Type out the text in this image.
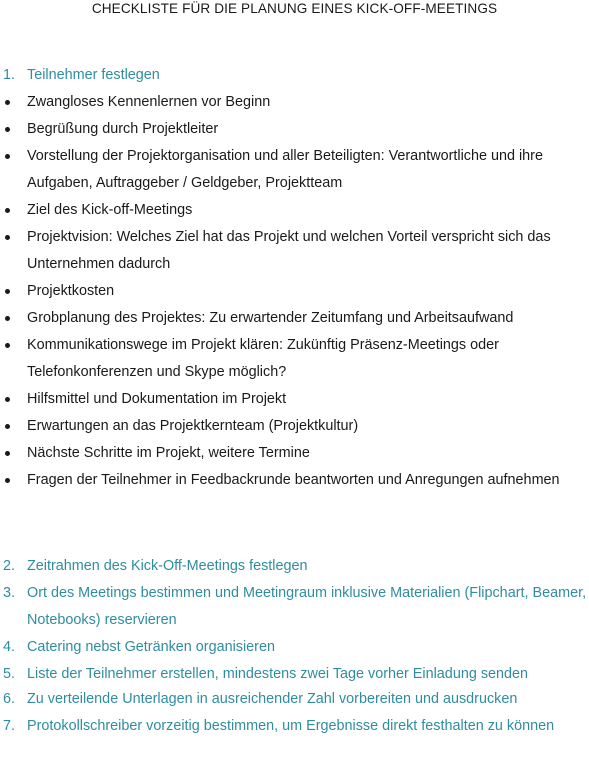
CHECKLISTE FÜR DIE PLANUNG EINES KICK-OFF-MEETINGS
1. Teilnehmer festlegen
Zwangloses Kennenlernen vor Beginn
Begrüßung durch Projektleiter
Vorstellung der Projektorganisation und aller Beteiligten: Verantwortliche und ihre Aufgaben, Auftraggeber / Geldgeber, Projektteam
Ziel des Kick-off-Meetings
Projektvision: Welches Ziel hat das Projekt und welchen Vorteil verspricht sich das Unternehmen dadurch
Projektkosten
Grobplanung des Projektes: Zu erwartender Zeitumfang und Arbeitsaufwand
Kommunikationswege im Projekt klären: Zukünftig Präsenz-Meetings oder Telefonkonferenzen und Skype möglich?
Hilfsmittel und Dokumentation im Projekt
Erwartungen an das Projektkernteam (Projektkultur)
Nächste Schritte im Projekt, weitere Termine
Fragen der Teilnehmer in Feedbackrunde beantworten und Anregungen aufnehmen
2. Zeitrahmen des Kick-Off-Meetings festlegen
3. Ort des Meetings bestimmen und Meetingraum inklusive Materialien (Flipchart, Beamer, Notebooks) reservieren
4. Catering nebst Getränken organisieren
5. Liste der Teilnehmer erstellen, mindestens zwei Tage vorher Einladung senden
6. Zu verteilende Unterlagen in ausreichender Zahl vorbereiten und ausdrucken
7. Protokollschreiber vorzeitig bestimmen, um Ergebnisse direkt festhalten zu können
